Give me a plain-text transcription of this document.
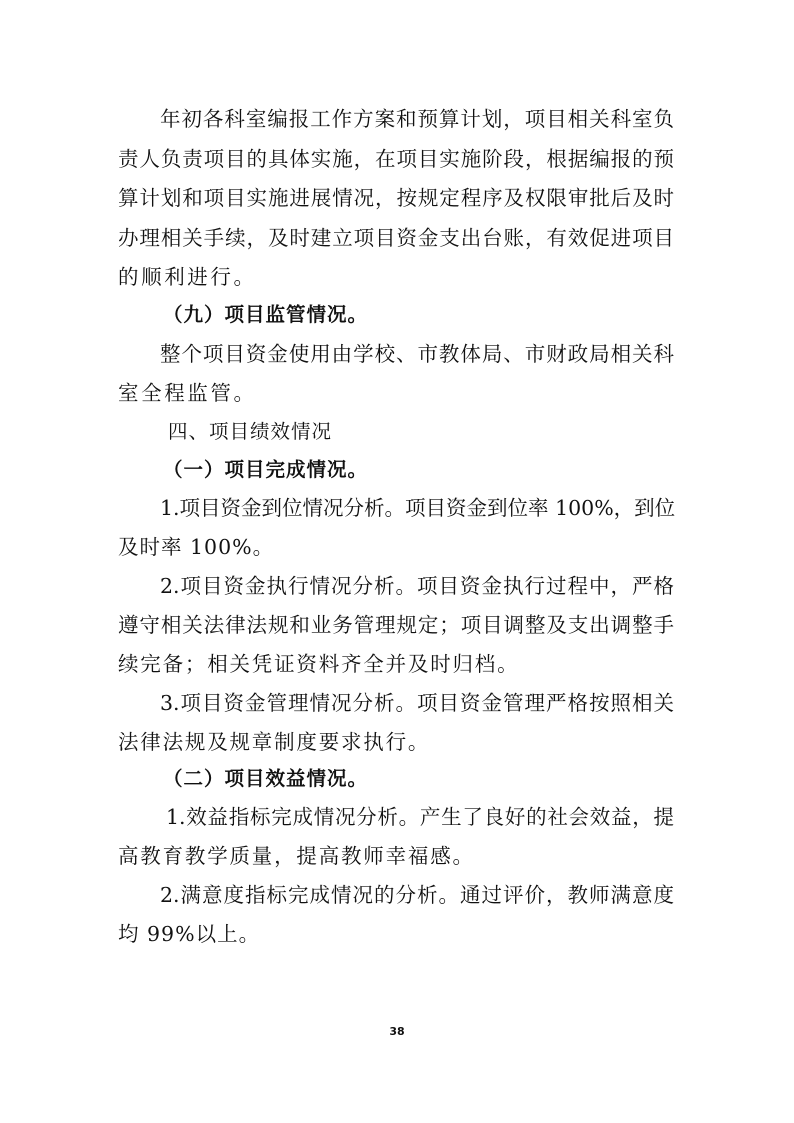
年初各科室编报工作方案和预算计划，项目相关科室负
责人负责项目的具体实施，在项目实施阶段，根据编报的预
算计划和项目实施进展情况，按规定程序及权限审批后及时
办理相关手续，及时建立项目资金支出台账，有效促进项目
的顺利进行。
（九）项目监管情况。
整个项目资金使用由学校、市教体局、市财政局相关科
室全程监管。
四、项目绩效情况
（一）项目完成情况。
1.项目资金到位情况分析。项目资金到位率 100%，到位
及时率 100%。
2.项目资金执行情况分析。项目资金执行过程中，严格
遵守相关法律法规和业务管理规定；项目调整及支出调整手
续完备；相关凭证资料齐全并及时归档。
3.项目资金管理情况分析。项目资金管理严格按照相关
法律法规及规章制度要求执行。
（二）项目效益情况。
1.效益指标完成情况分析。产生了良好的社会效益，提
高教育教学质量，提高教师幸福感。
2.满意度指标完成情况的分析。通过评价，教师满意度
均 99%以上。
38
